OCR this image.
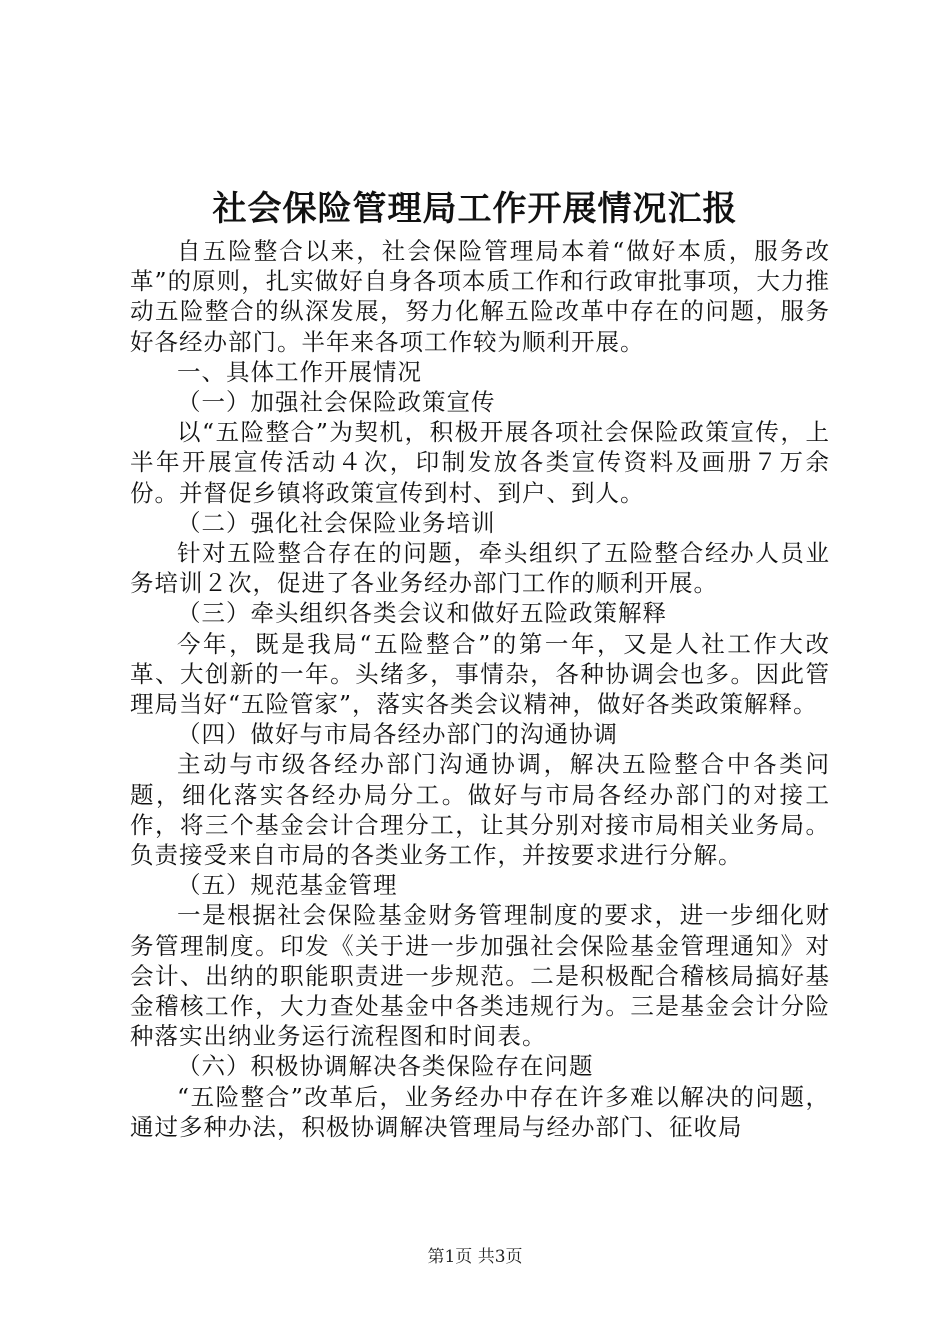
社会保险管理局工作开展情况汇报

自五险整合以来，社会保险管理局本着“做好本质，服务改革”的原则，扎实做好自身各项本质工作和行政审批事项，大力推动五险整合的纵深发展，努力化解五险改革中存在的问题，服务好各经办部门。半年来各项工作较为顺利开展。

一、具体工作开展情况

（一）加强社会保险政策宣传

以“五险整合”为契机，积极开展各项社会保险政策宣传，上半年开展宣传活动４次，印制发放各类宣传资料及画册７万余份。并督促乡镇将政策宣传到村、到户、到人。

（二）强化社会保险业务培训

针对五险整合存在的问题，牵头组织了五险整合经办人员业务培训２次，促进了各业务经办部门工作的顺利开展。

（三）牵头组织各类会议和做好五险政策解释

今年，既是我局“五险整合”的第一年，又是人社工作大改革、大创新的一年。头绪多，事情杂，各种协调会也多。因此管理局当好“五险管家”，落实各类会议精神，做好各类政策解释。

（四）做好与市局各经办部门的沟通协调

主动与市级各经办部门沟通协调，解决五险整合中各类问题，细化落实各经办局分工。做好与市局各经办部门的对接工作，将三个基金会计合理分工，让其分别对接市局相关业务局。负责接受来自市局的各类业务工作，并按要求进行分解。

（五）规范基金管理

一是根据社会保险基金财务管理制度的要求，进一步细化财务管理制度。印发《关于进一步加强社会保险基金管理通知》对会计、出纳的职能职责进一步规范。二是积极配合稽核局搞好基金稽核工作，大力查处基金中各类违规行为。三是基金会计分险种落实出纳业务运行流程图和时间表。

（六）积极协调解决各类保险存在问题

“五险整合”改革后，业务经办中存在许多难以解决的问题，通过多种办法，积极协调解决管理局与经办部门、征收局

第1页 共3页
